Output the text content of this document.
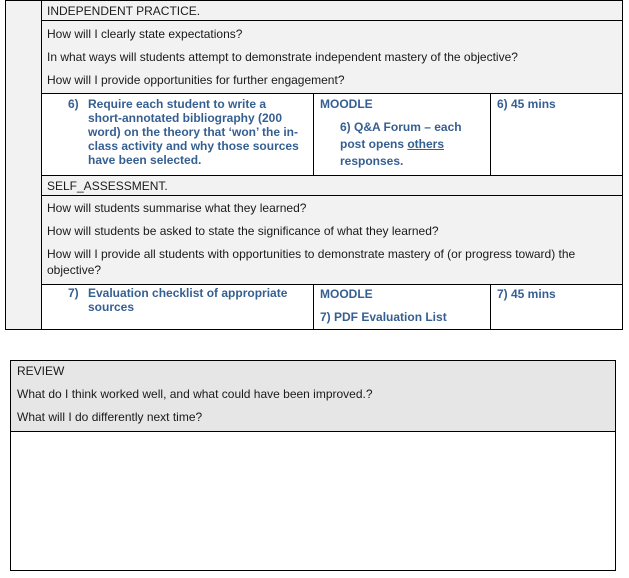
INDEPENDENT PRACTICE.
How will I clearly state expectations?
In what ways will students attempt to demonstrate independent mastery of the objective?
How will I provide opportunities for further engagement?
6) Require each student to write a
short-annotated bibliography (200
word) on the theory that ‘won’ the in-
class activity and why those sources
have been selected.
MOODLE
6) Q&A Forum – each
post opens others
responses.
6) 45 mins
SELF_ASSESSMENT.
How will students summarise what they learned?
How will students be asked to state the significance of what they learned?
How will I provide all students with opportunities to demonstrate mastery of (or progress toward) the
objective?
7) Evaluation checklist of appropriate
sources
MOODLE
7) PDF Evaluation List
7) 45 mins
REVIEW
What do I think worked well, and what could have been improved.?
What will I do differently next time?
